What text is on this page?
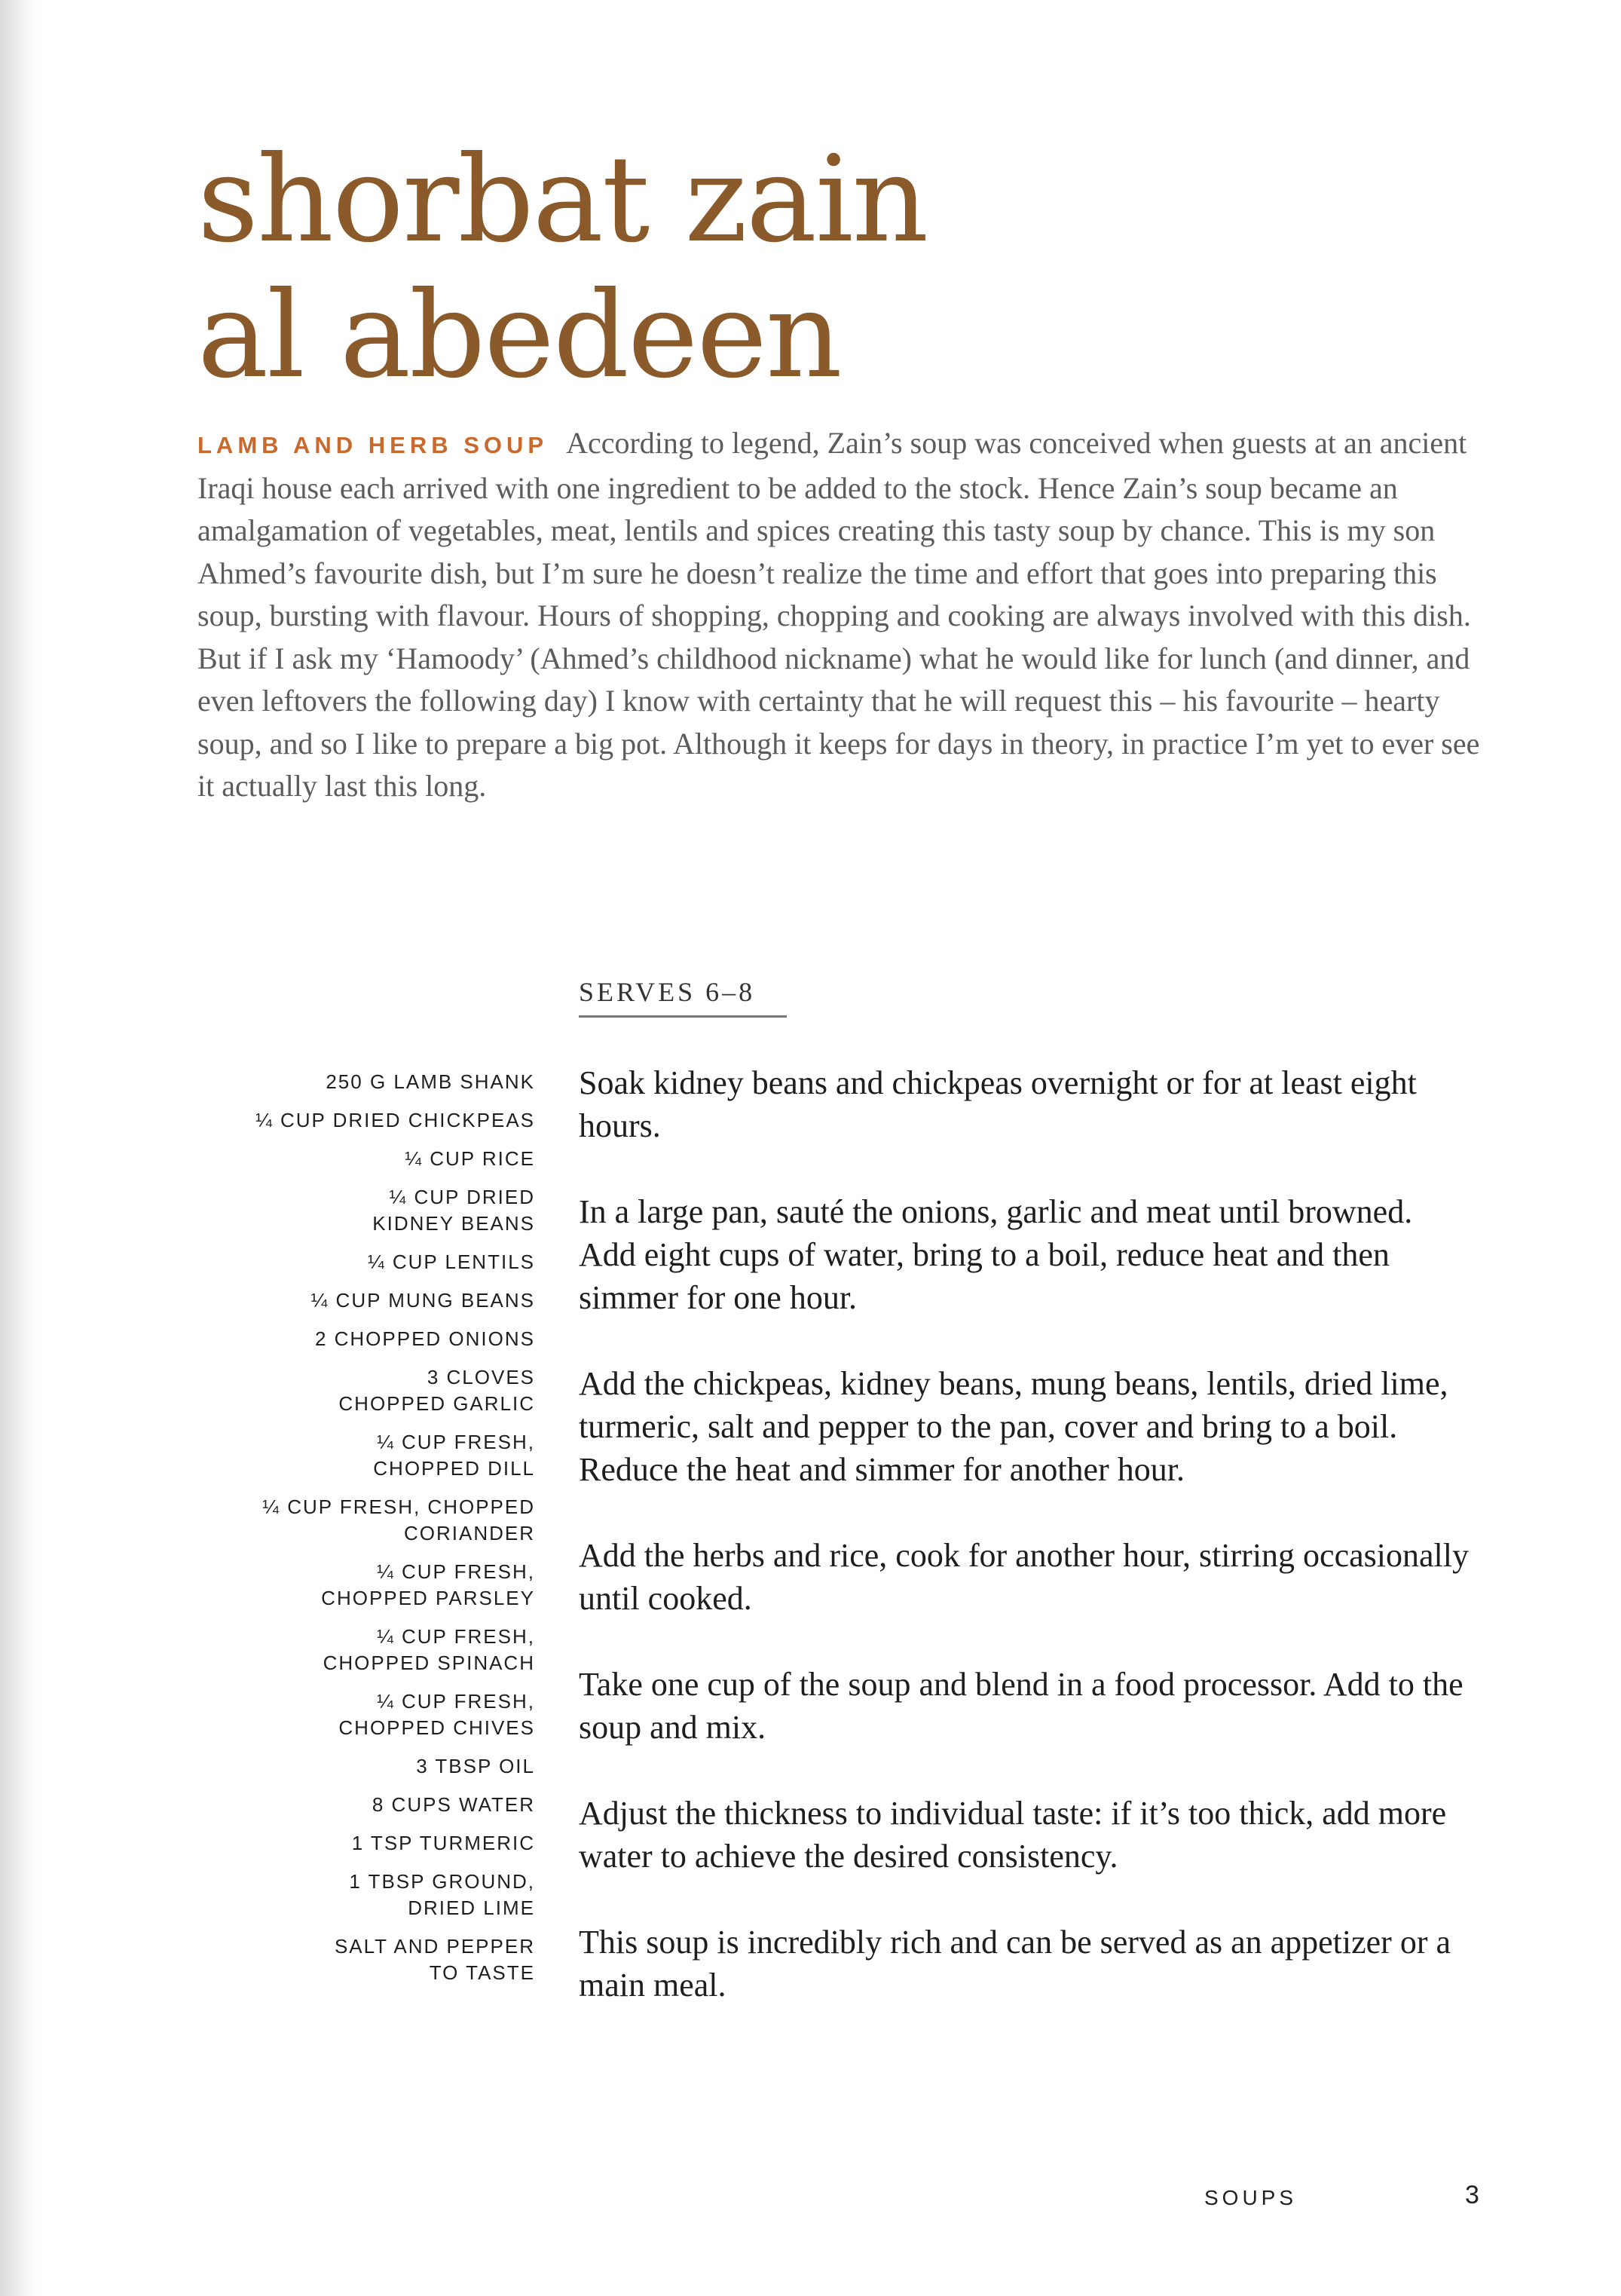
shorbat zain
al abedeen

LAMB AND HERB SOUP According to legend, Zain’s soup was conceived when guests at an ancient Iraqi house each arrived with one ingredient to be added to the stock. Hence Zain’s soup became an amalgamation of vegetables, meat, lentils and spices creating this tasty soup by chance. This is my son Ahmed’s favourite dish, but I’m sure he doesn’t realize the time and effort that goes into preparing this soup, bursting with flavour. Hours of shopping, chopping and cooking are always involved with this dish. But if I ask my ‘Hamoody’ (Ahmed’s childhood nickname) what he would like for lunch (and dinner, and even leftovers the following day) I know with certainty that he will request this – his favourite – hearty soup, and so I like to prepare a big pot. Although it keeps for days in theory, in practice I’m yet to ever see it actually last this long.

SERVES 6–8
250 G LAMB SHANK
¼ CUP DRIED CHICKPEAS
¼ CUP RICE
¼ CUP DRIED
KIDNEY BEANS
¼ CUP LENTILS
¼ CUP MUNG BEANS
2 CHOPPED ONIONS
3 CLOVES
CHOPPED GARLIC
¼ CUP FRESH,
CHOPPED DILL
¼ CUP FRESH, CHOPPED
CORIANDER
¼ CUP FRESH,
CHOPPED PARSLEY
¼ CUP FRESH,
CHOPPED SPINACH
¼ CUP FRESH,
CHOPPED CHIVES
3 TBSP OIL
8 CUPS WATER
1 TSP TURMERIC
1 TBSP GROUND,
DRIED LIME
SALT AND PEPPER
TO TASTE

Soak kidney beans and chickpeas overnight or for at least eight hours.

In a large pan, sauté the onions, garlic and meat until browned. Add eight cups of water, bring to a boil, reduce heat and then simmer for one hour.

Add the chickpeas, kidney beans, mung beans, lentils, dried lime, turmeric, salt and pepper to the pan, cover and bring to a boil. Reduce the heat and simmer for another hour.

Add the herbs and rice, cook for another hour, stirring occasionally until cooked.

Take one cup of the soup and blend in a food processor. Add to the soup and mix.

Adjust the thickness to individual taste: if it’s too thick, add more water to achieve the desired consistency.

This soup is incredibly rich and can be served as an appetizer or a main meal.

SOUPS	3
